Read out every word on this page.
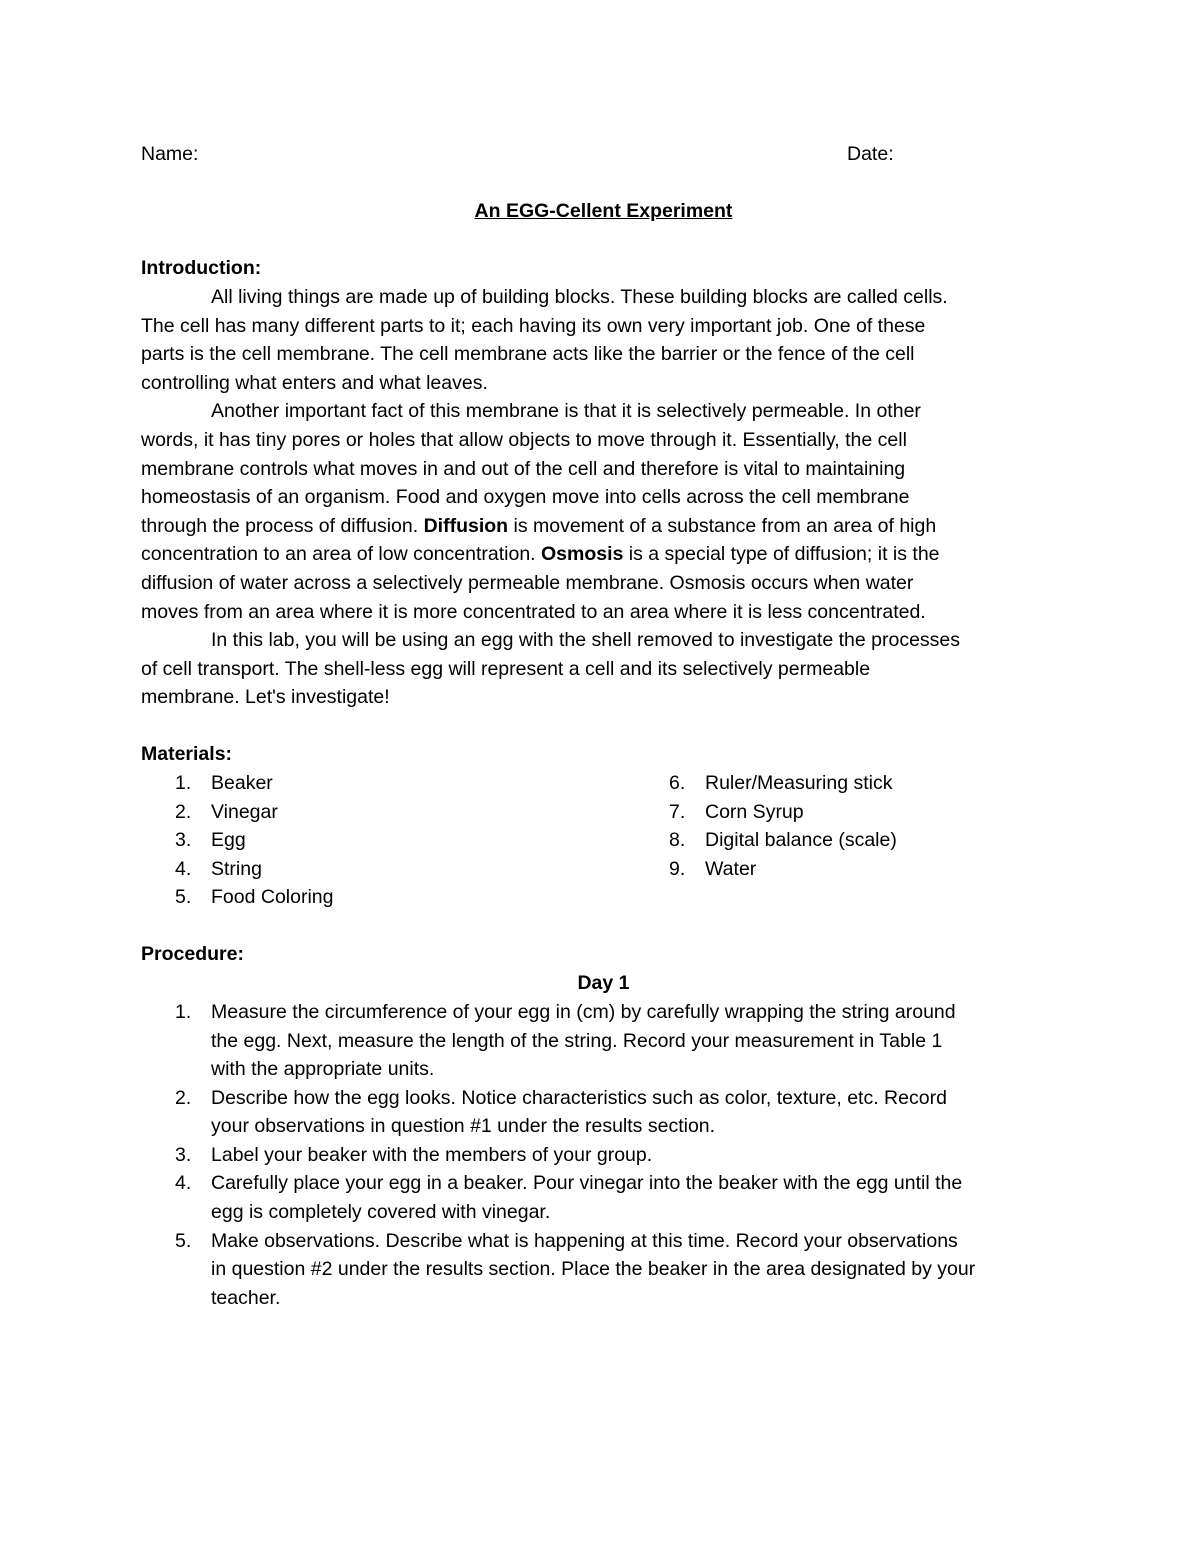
Name:	Date:
An EGG-Cellent Experiment
Introduction:
All living things are made up of building blocks. These building blocks are called cells.
The cell has many different parts to it; each having its own very important job. One of these
parts is the cell membrane. The cell membrane acts like the barrier or the fence of the cell
controlling what enters and what leaves.
Another important fact of this membrane is that it is selectively permeable. In other
words, it has tiny pores or holes that allow objects to move through it. Essentially, the cell
membrane controls what moves in and out of the cell and therefore is vital to maintaining
homeostasis of an organism. Food and oxygen move into cells across the cell membrane
through the process of diffusion. Diffusion is movement of a substance from an area of high
concentration to an area of low concentration. Osmosis is a special type of diffusion; it is the
diffusion of water across a selectively permeable membrane. Osmosis occurs when water
moves from an area where it is more concentrated to an area where it is less concentrated.
In this lab, you will be using an egg with the shell removed to investigate the processes
of cell transport. The shell-less egg will represent a cell and its selectively permeable
membrane. Let's investigate!
Materials:
1. Beaker
2. Vinegar
3. Egg
4. String
5. Food Coloring
6. Ruler/Measuring stick
7. Corn Syrup
8. Digital balance (scale)
9. Water
Procedure:
Day 1
1. Measure the circumference of your egg in (cm) by carefully wrapping the string around
the egg. Next, measure the length of the string. Record your measurement in Table 1
with the appropriate units.
2. Describe how the egg looks. Notice characteristics such as color, texture, etc. Record
your observations in question #1 under the results section.
3. Label your beaker with the members of your group.
4. Carefully place your egg in a beaker. Pour vinegar into the beaker with the egg until the
egg is completely covered with vinegar.
5. Make observations. Describe what is happening at this time. Record your observations
in question #2 under the results section. Place the beaker in the area designated by your
teacher.
